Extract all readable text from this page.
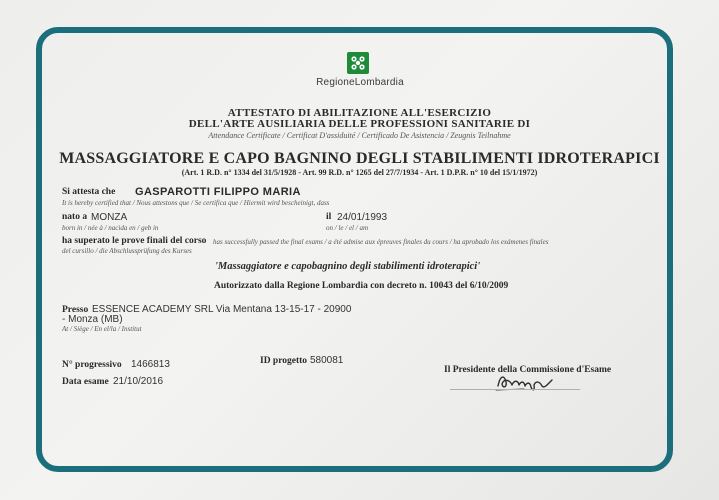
RegioneLombardia
ATTESTATO DI ABILITAZIONE ALL'ESERCIZIO
DELL'ARTE AUSILIARIA DELLE PROFESSIONI SANITARIE DI
Attendance Certificate / Certificat D'assiduité / Certificado De Asistencia / Zeugnis Teilnahme
MASSAGGIATORE E CAPO BAGNINO DEGLI STABILIMENTI IDROTERAPICI
(Art. 1 R.D. n° 1334 del 31/5/1928 - Art. 99 R.D. n° 1265 del 27/7/1934 - Art. 1 D.P.R. n° 10 del 15/1/1972)
Si attesta che GASPAROTTI FILIPPO MARIA
It is hereby certified that / Nous attestons que / Se certifica que / Hiermit wird bescheinigt, dass
nato a MONZA
born in / née à / nacida en / geb in
il 24/01/1993
on / le / el / am
ha superato le prove finali del corso has successfully passed the final exams / a été admise aux épreuves finales du cours / ha aprobado los exámenes finales
del cursillo / die Abschlussprüfung des Kurses
'Massaggiatore e capobagnino degli stabilimenti idroterapici'
Autorizzato dalla Regione Lombardia con decreto n. 10043 del 6/10/2009
Presso ESSENCE ACADEMY SRL Via Mentana 13-15-17 - 20900
- Monza (MB)
At / Siège / En el/la / Institut
N° progressivo 1466813	ID progetto 580081
Data esame 21/10/2016
Il Presidente della Commissione d'Esame
